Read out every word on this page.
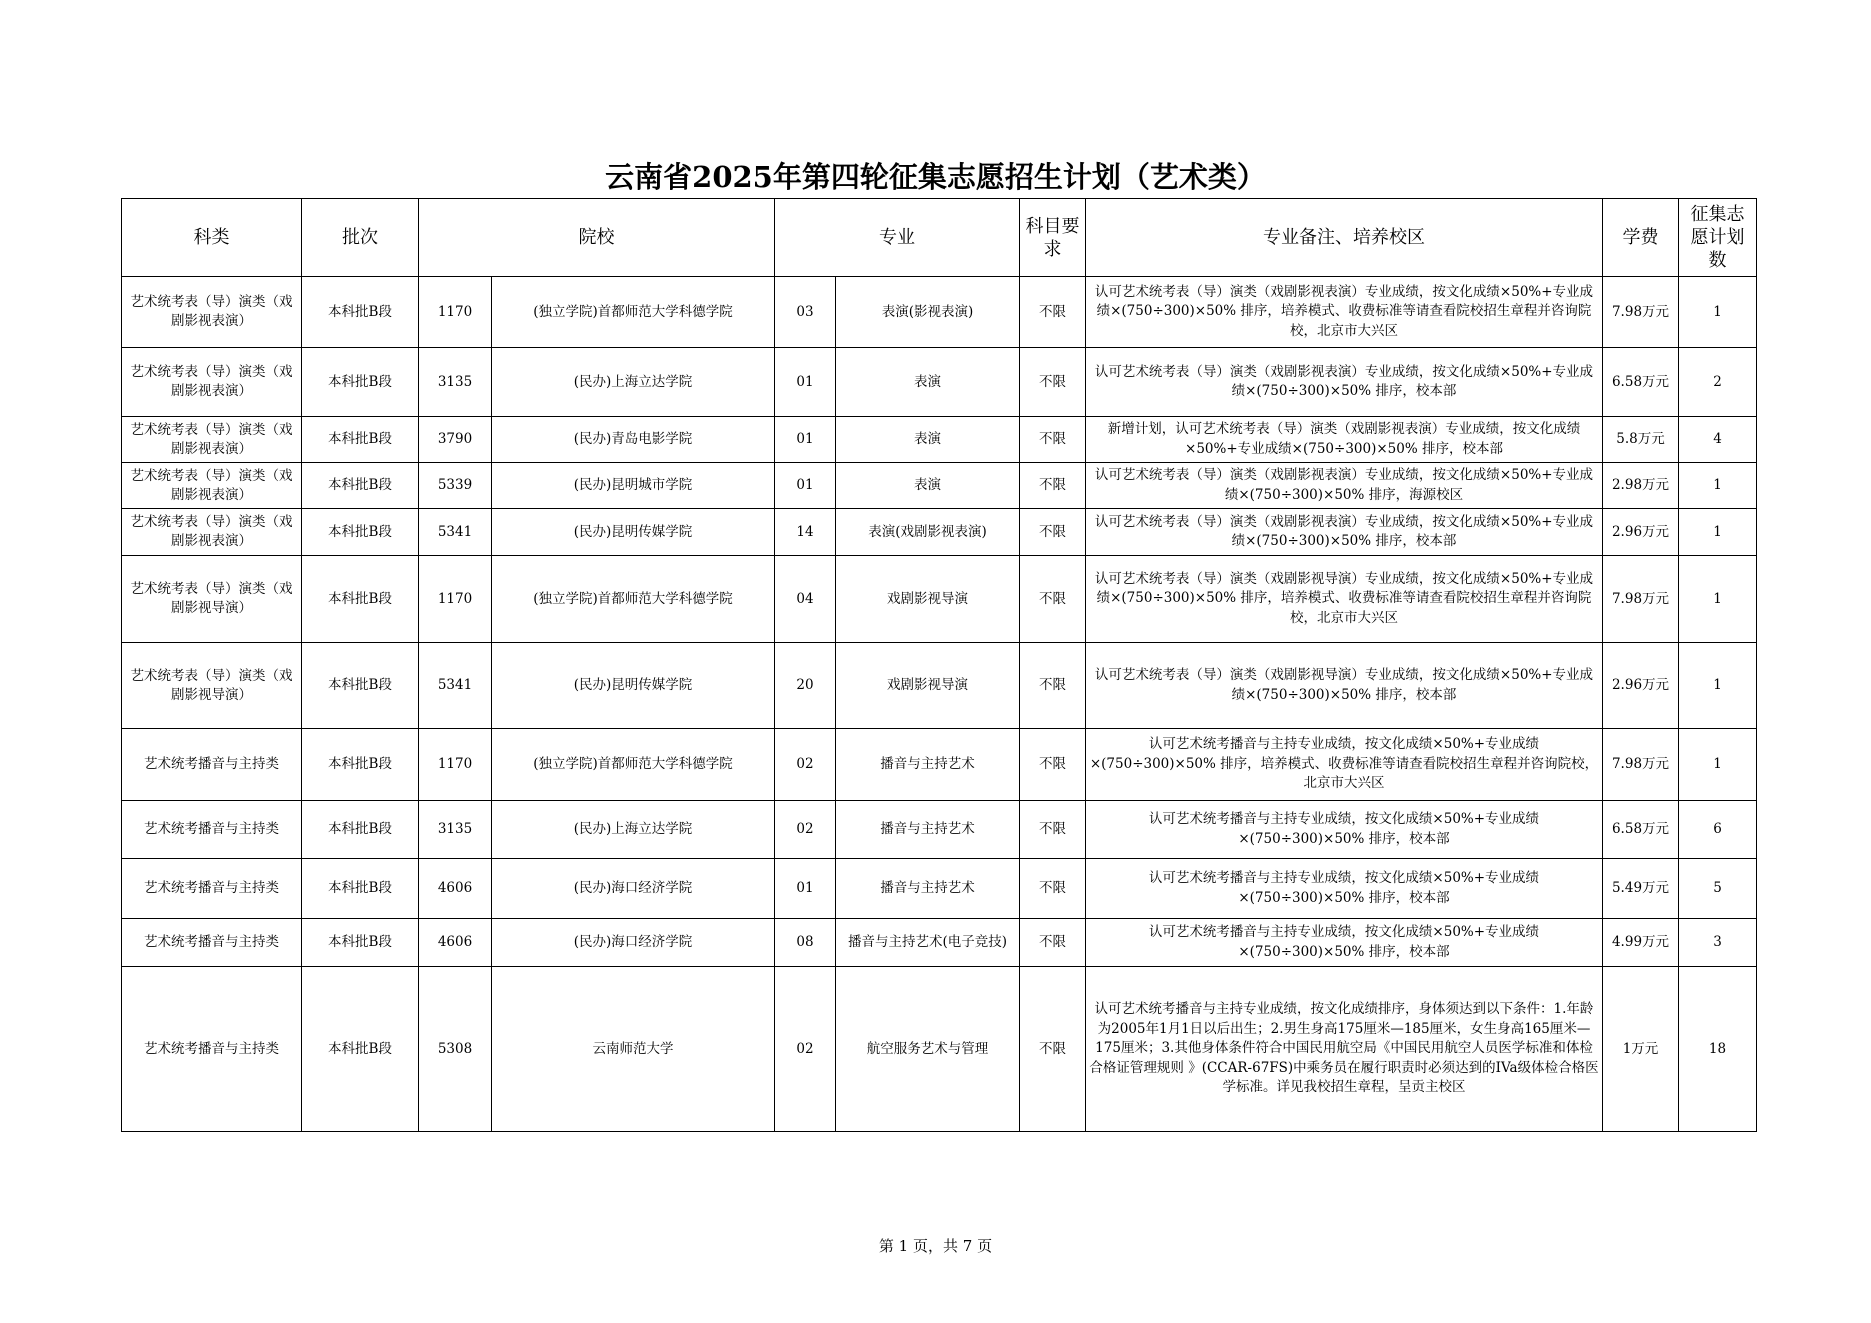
云南省2025年第四轮征集志愿招生计划（艺术类）
科类	批次	院校		专业		科目要求	专业备注、培养校区	学费	征集志愿计划数
艺术统考表（导）演类（戏剧影视表演）	本科批B段	1170	(独立学院)首都师范大学科德学院	03	表演(影视表演)	不限	认可艺术统考表（导）演类（戏剧影视表演）专业成绩，按文化成绩×50%+专业成绩×(750÷300)×50% 排序，培养模式、收费标准等请查看院校招生章程并咨询院校，北京市大兴区	7.98万元	1
艺术统考表（导）演类（戏剧影视表演）	本科批B段	3135	(民办)上海立达学院	01	表演	不限	认可艺术统考表（导）演类（戏剧影视表演）专业成绩，按文化成绩×50%+专业成绩×(750÷300)×50% 排序，校本部	6.58万元	2
艺术统考表（导）演类（戏剧影视表演）	本科批B段	3790	(民办)青岛电影学院	01	表演	不限	新增计划，认可艺术统考表（导）演类（戏剧影视表演）专业成绩，按文化成绩×50%+专业成绩×(750÷300)×50% 排序，校本部	5.8万元	4
艺术统考表（导）演类（戏剧影视表演）	本科批B段	5339	(民办)昆明城市学院	01	表演	不限	认可艺术统考表（导）演类（戏剧影视表演）专业成绩，按文化成绩×50%+专业成绩×(750÷300)×50% 排序，海源校区	2.98万元	1
艺术统考表（导）演类（戏剧影视表演）	本科批B段	5341	(民办)昆明传媒学院	14	表演(戏剧影视表演)	不限	认可艺术统考表（导）演类（戏剧影视表演）专业成绩，按文化成绩×50%+专业成绩×(750÷300)×50% 排序，校本部	2.96万元	1
艺术统考表（导）演类（戏剧影视导演）	本科批B段	1170	(独立学院)首都师范大学科德学院	04	戏剧影视导演	不限	认可艺术统考表（导）演类（戏剧影视导演）专业成绩，按文化成绩×50%+专业成绩×(750÷300)×50% 排序，培养模式、收费标准等请查看院校招生章程并咨询院校，北京市大兴区	7.98万元	1
艺术统考表（导）演类（戏剧影视导演）	本科批B段	5341	(民办)昆明传媒学院	20	戏剧影视导演	不限	认可艺术统考表（导）演类（戏剧影视导演）专业成绩，按文化成绩×50%+专业成绩×(750÷300)×50% 排序，校本部	2.96万元	1
艺术统考播音与主持类	本科批B段	1170	(独立学院)首都师范大学科德学院	02	播音与主持艺术	不限	认可艺术统考播音与主持专业成绩，按文化成绩×50%+专业成绩×(750÷300)×50% 排序，培养模式、收费标准等请查看院校招生章程并咨询院校，北京市大兴区	7.98万元	1
艺术统考播音与主持类	本科批B段	3135	(民办)上海立达学院	02	播音与主持艺术	不限	认可艺术统考播音与主持专业成绩，按文化成绩×50%+专业成绩×(750÷300)×50% 排序，校本部	6.58万元	6
艺术统考播音与主持类	本科批B段	4606	(民办)海口经济学院	01	播音与主持艺术	不限	认可艺术统考播音与主持专业成绩，按文化成绩×50%+专业成绩×(750÷300)×50% 排序，校本部	5.49万元	5
艺术统考播音与主持类	本科批B段	4606	(民办)海口经济学院	08	播音与主持艺术(电子竞技)	不限	认可艺术统考播音与主持专业成绩，按文化成绩×50%+专业成绩×(750÷300)×50% 排序，校本部	4.99万元	3
艺术统考播音与主持类	本科批B段	5308	云南师范大学	02	航空服务艺术与管理	不限	认可艺术统考播音与主持专业成绩，按文化成绩排序，身体须达到以下条件：1.年龄为2005年1月1日以后出生；2.男生身高175厘米—185厘米，女生身高165厘米—175厘米；3.其他身体条件符合中国民用航空局《中国民用航空人员医学标准和体检合格证管理规则 》(CCAR-67FS)中乘务员在履行职责时必须达到的IVa级体检合格医学标准。详见我校招生章程，呈贡主校区	1万元	18
第 1 页，共 7 页
